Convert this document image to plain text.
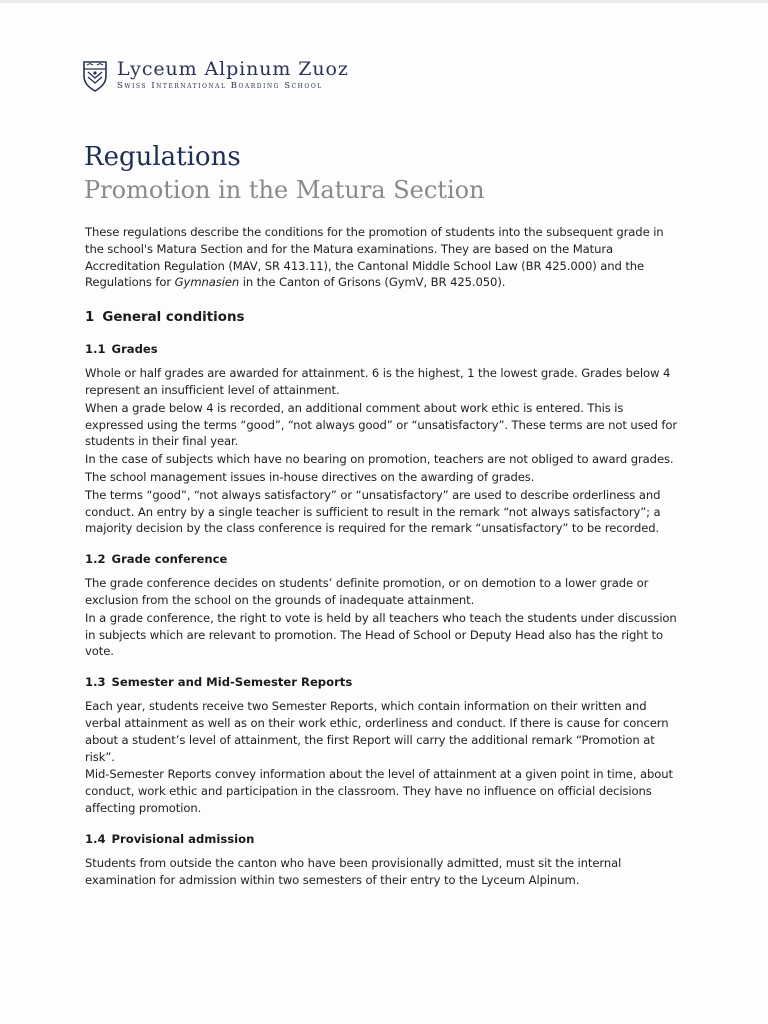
Lyceum Alpinum Zuoz
Swiss International Boarding School
Regulations
Promotion in the Matura Section

These regulations describe the conditions for the promotion of students into the subsequent grade in the school's Matura Section and for the Matura examinations. They are based on the Matura Accreditation Regulation (MAV, SR 413.11), the Cantonal Middle School Law (BR 425.000) and the Regulations for Gymnasien in the Canton of Grisons (GymV, BR 425.050).

1 General conditions
1.1 Grades

Whole or half grades are awarded for attainment. 6 is the highest, 1 the lowest grade. Grades below 4 represent an insufficient level of attainment.

When a grade below 4 is recorded, an additional comment about work ethic is entered. This is expressed using the terms “good”, “not always good” or “unsatisfactory”. These terms are not used for students in their final year.

In the case of subjects which have no bearing on promotion, teachers are not obliged to award grades.

The school management issues in-house directives on the awarding of grades.

The terms “good”, “not always satisfactory” or “unsatisfactory” are used to describe orderliness and conduct. An entry by a single teacher is sufficient to result in the remark “not always satisfactory”; a majority decision by the class conference is required for the remark “unsatisfactory” to be recorded.

1.2 Grade conference

The grade conference decides on students’ definite promotion, or on demotion to a lower grade or exclusion from the school on the grounds of inadequate attainment.

In a grade conference, the right to vote is held by all teachers who teach the students under discussion in subjects which are relevant to promotion. The Head of School or Deputy Head also has the right to vote.

1.3 Semester and Mid-Semester Reports

Each year, students receive two Semester Reports, which contain information on their written and verbal attainment as well as on their work ethic, orderliness and conduct. If there is cause for concern about a student’s level of attainment, the first Report will carry the additional remark “Promotion at risk”.

Mid-Semester Reports convey information about the level of attainment at a given point in time, about conduct, work ethic and participation in the classroom. They have no influence on official decisions affecting promotion.

1.4 Provisional admission

Students from outside the canton who have been provisionally admitted, must sit the internal examination for admission within two semesters of their entry to the Lyceum Alpinum.
